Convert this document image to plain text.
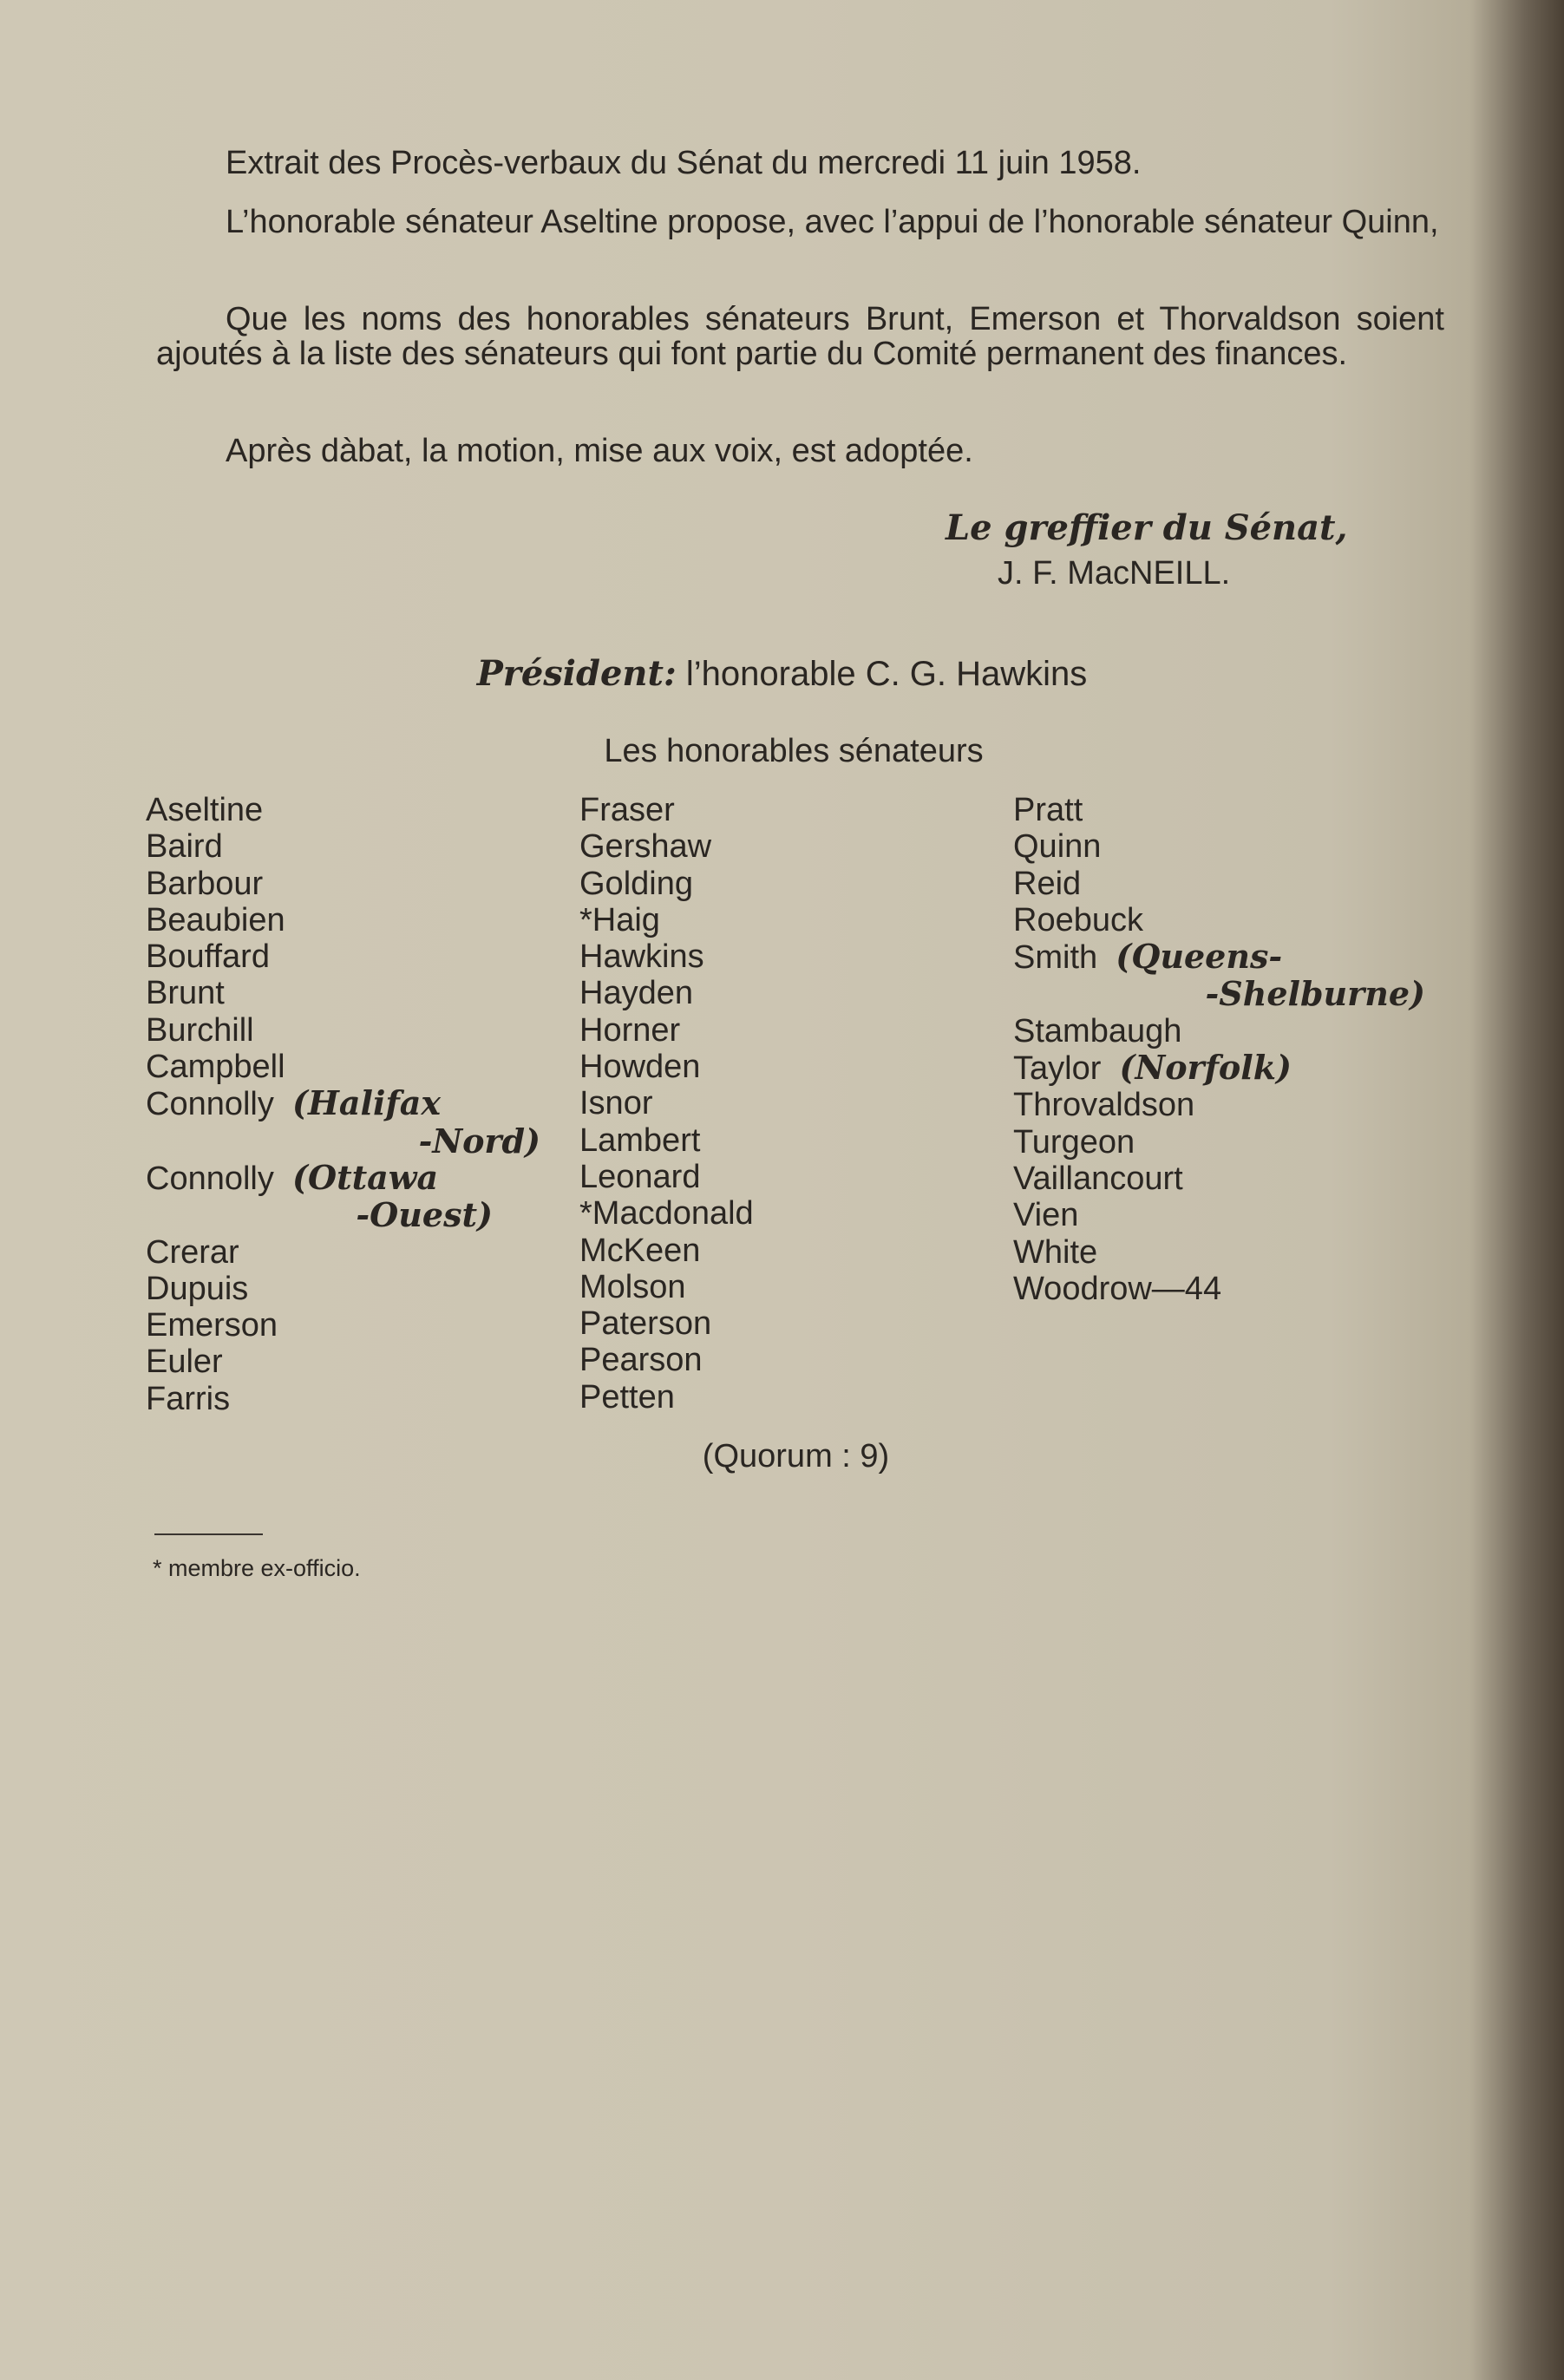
Extrait des Procès-verbaux du Sénat du mercredi 11 juin 1958.

L’honorable sénateur Aseltine propose, avec l’appui de l’honorable sénateur Quinn,

Que les noms des honorables sénateurs Brunt, Emerson et Thorvaldson soient ajoutés à la liste des sénateurs qui font partie du Comité permanent des finances.

Après dàbat, la motion, mise aux voix, est adoptée.

Le greffier du Sénat,
J. F. MacNEILL.
Président: l’honorable C. G. Hawkins
Les honorables sénateurs
Aseltine
Baird
Barbour
Beaubien
Bouffard
Brunt
Burchill
Campbell
Connolly (Halifax
-Nord)
Connolly (Ottawa
-Ouest)
Crerar
Dupuis
Emerson
Euler
Farris
Fraser
Gershaw
Golding
*Haig
Hawkins
Hayden
Horner
Howden
Isnor
Lambert
Leonard
*Macdonald
McKeen
Molson
Paterson
Pearson
Petten
Pratt
Quinn
Reid
Roebuck
Smith (Queens-
-Shelburne)
Stambaugh
Taylor (Norfolk)
Throvaldson
Turgeon
Vaillancourt
Vien
White
Woodrow—44
(Quorum : 9)
* membre ex-officio.
